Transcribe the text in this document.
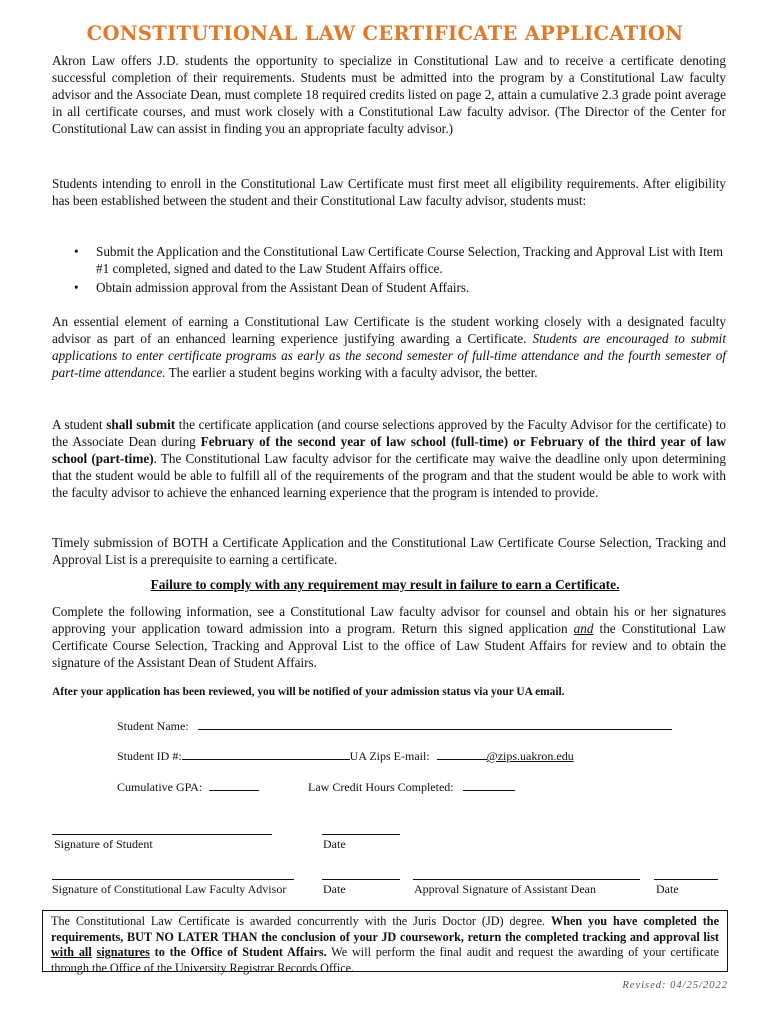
CONSTITUTIONAL LAW CERTIFICATE APPLICATION

Akron Law offers J.D. students the opportunity to specialize in Constitutional Law and to receive a certificate denoting successful completion of their requirements. Students must be admitted into the program by a Constitutional Law faculty advisor and the Associate Dean, must complete 18 required credits listed on page 2, attain a cumulative 2.3 grade point average in all certificate courses, and must work closely with a Constitutional Law faculty advisor. (The Director of the Center for Constitutional Law can assist in finding you an appropriate faculty advisor.)

Students intending to enroll in the Constitutional Law Certificate must first meet all eligibility requirements. After eligibility has been established between the student and their Constitutional Law faculty advisor, students must:

• Submit the Application and the Constitutional Law Certificate Course Selection, Tracking and Approval List with Item #1 completed, signed and dated to the Law Student Affairs office.
• Obtain admission approval from the Assistant Dean of Student Affairs.

An essential element of earning a Constitutional Law Certificate is the student working closely with a designated faculty advisor as part of an enhanced learning experience justifying awarding a Certificate. Students are encouraged to submit applications to enter certificate programs as early as the second semester of full-time attendance and the fourth semester of part-time attendance. The earlier a student begins working with a faculty advisor, the better.

A student shall submit the certificate application (and course selections approved by the Faculty Advisor for the certificate) to the Associate Dean during February of the second year of law school (full-time) or February of the third year of law school (part-time). The Constitutional Law faculty advisor for the certificate may waive the deadline only upon determining that the student would be able to fulfill all of the requirements of the program and that the student would be able to work with the faculty advisor to achieve the enhanced learning experience that the program is intended to provide.

Timely submission of BOTH a Certificate Application and the Constitutional Law Certificate Course Selection, Tracking and Approval List is a prerequisite to earning a certificate.

Failure to comply with any requirement may result in failure to earn a Certificate.

Complete the following information, see a Constitutional Law faculty advisor for counsel and obtain his or her signatures approving your application toward admission into a program. Return this signed application and the Constitutional Law Certificate Course Selection, Tracking and Approval List to the office of Law Student Affairs for review and to obtain the signature of the Assistant Dean of Student Affairs.

After your application has been reviewed, you will be notified of your admission status via your UA email.
Student Name:
Student ID #:	UA Zips E-mail:	@zips.uakron.edu
Cumulative GPA:	Law Credit Hours Completed:
Signature of Student	Date
Signature of Constitutional Law Faculty Advisor	Date	Approval Signature of Assistant Dean	Date
The Constitutional Law Certificate is awarded concurrently with the Juris Doctor (JD) degree. When you have completed the requirements, BUT NO LATER THAN the conclusion of your JD coursework, return the completed tracking and approval list with all signatures to the Office of Student Affairs. We will perform the final audit and request the awarding of your certificate through the Office of the University Registrar Records Office.
Revised: 04/25/2022
